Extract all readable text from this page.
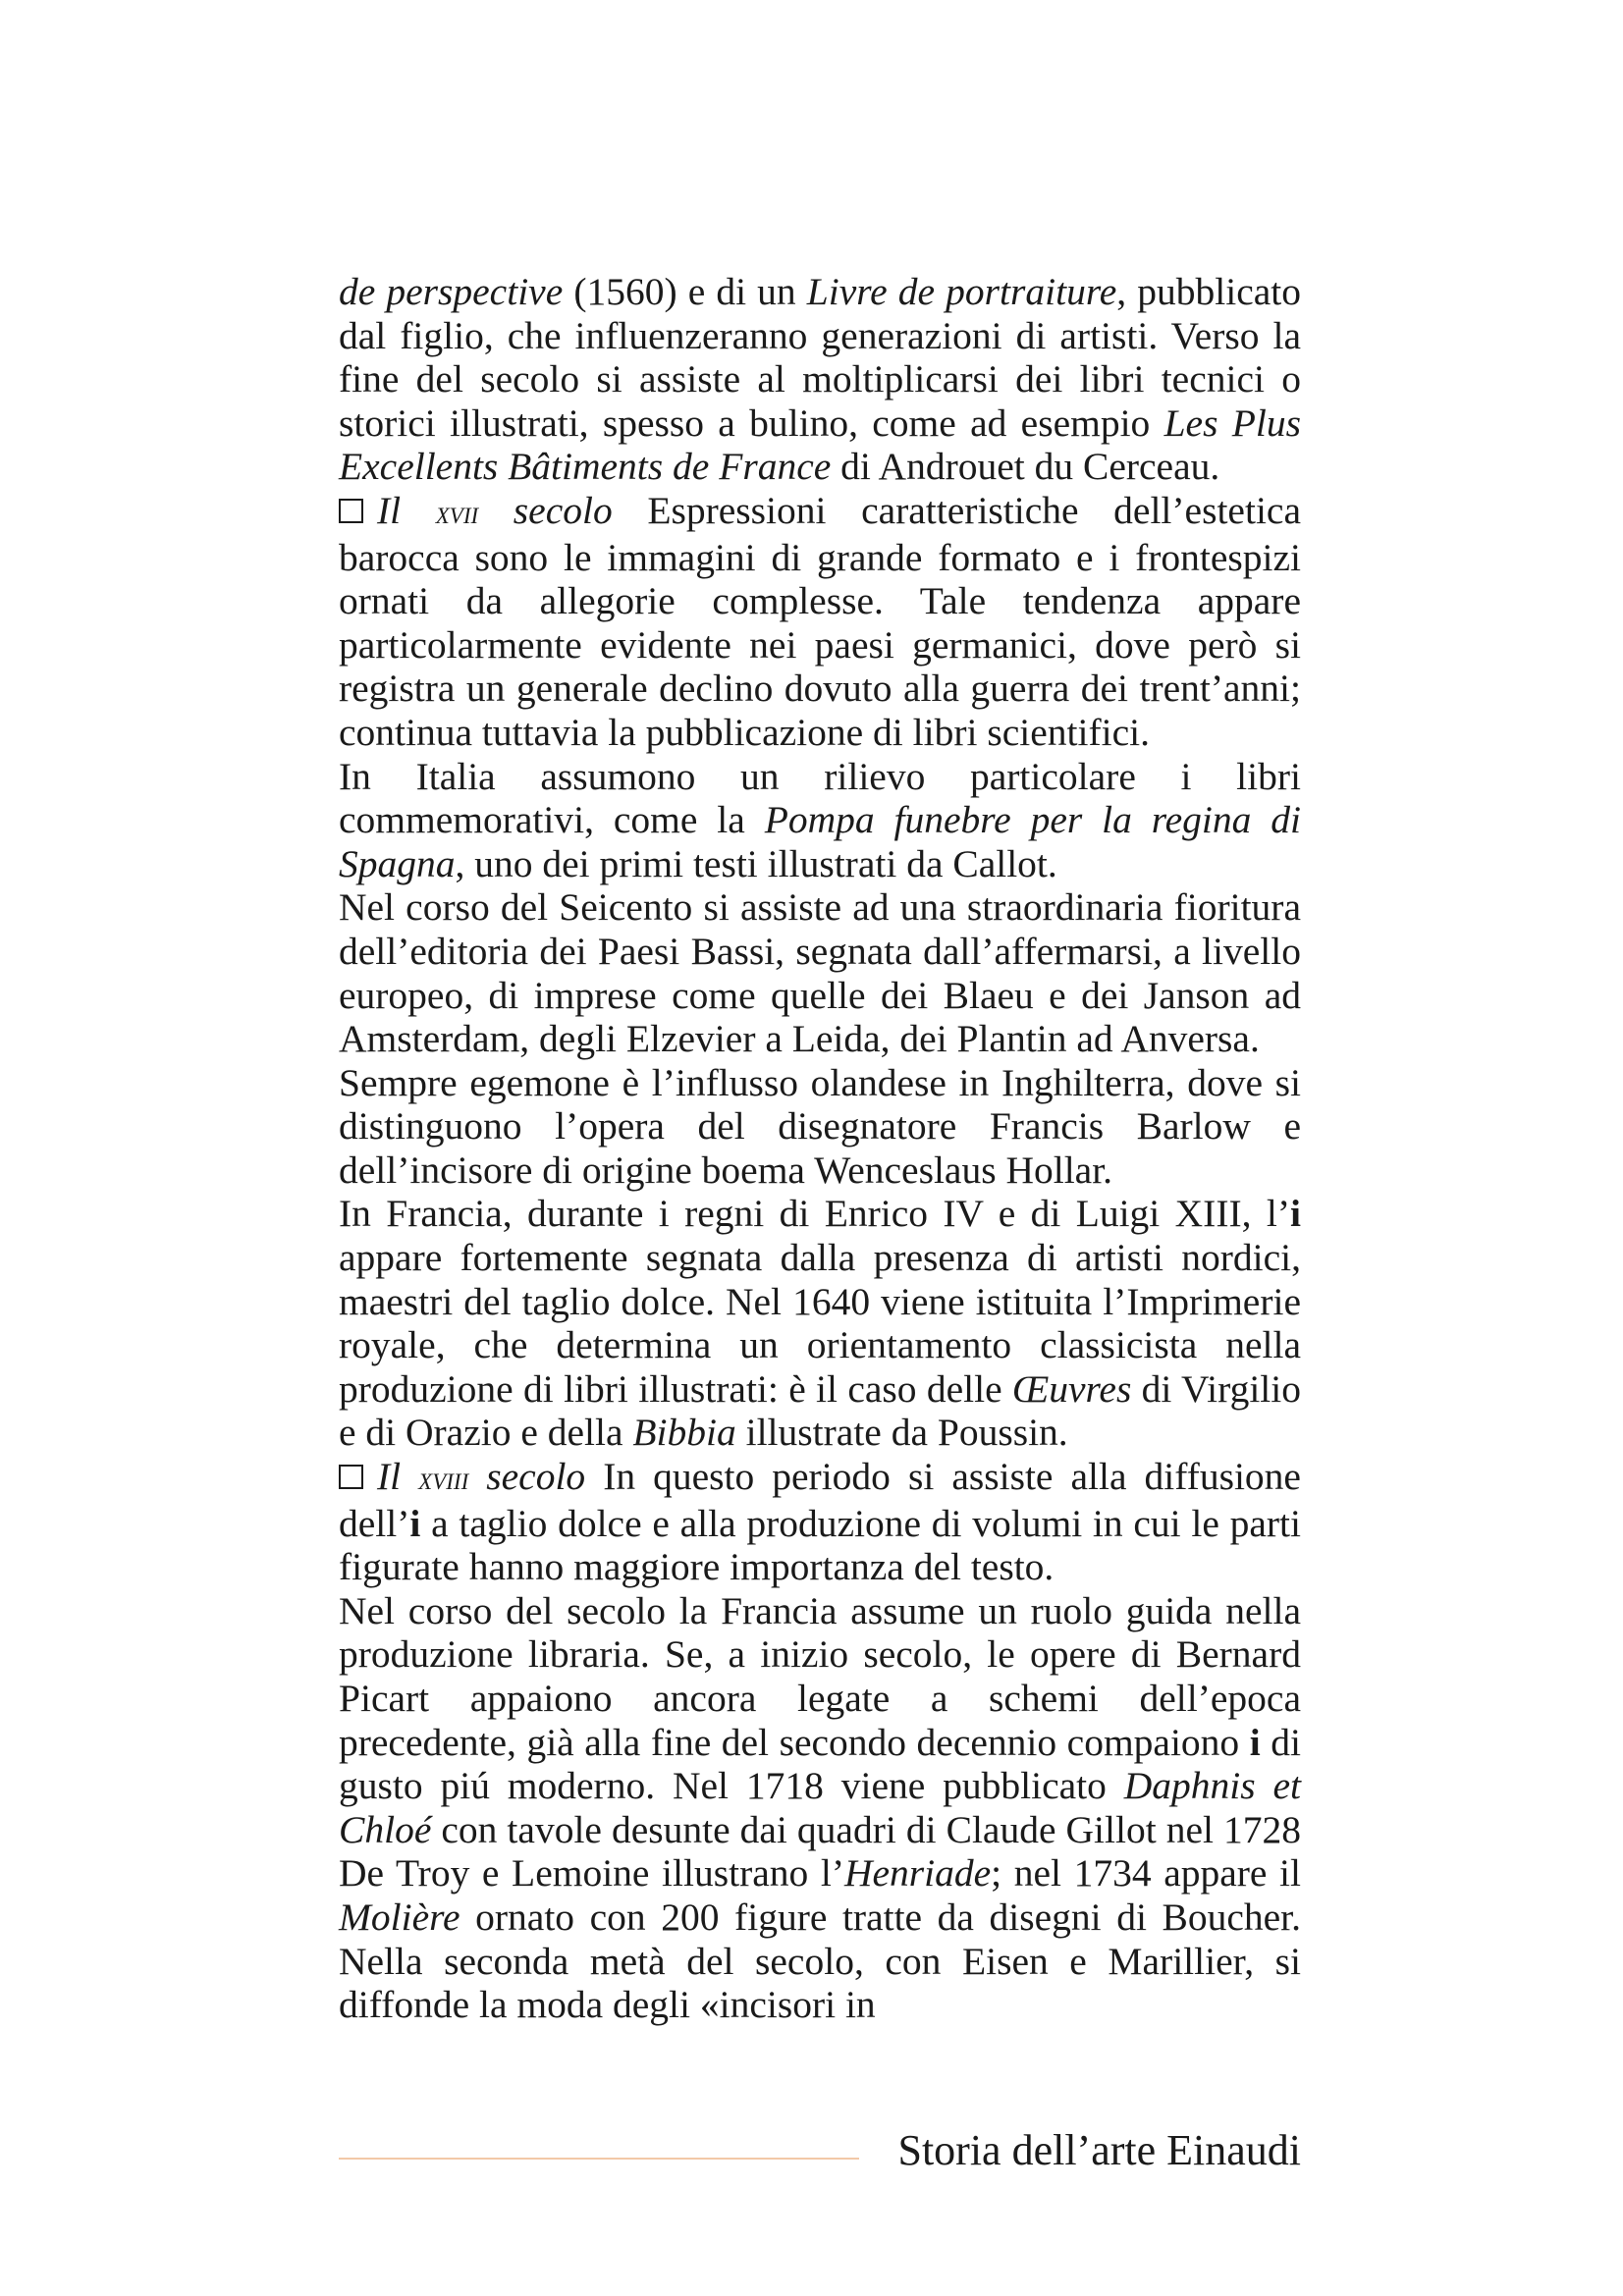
de perspective (1560) e di un Livre de portraiture, pubblicato dal figlio, che influenzeranno generazioni di artisti. Verso la fine del secolo si assiste al moltiplicarsi dei libri tecnici o storici illustrati, spesso a bulino, come ad esempio Les Plus Excellents Bâtiments de France di Androuet du Cerceau.

Il xvii secolo Espressioni caratteristiche dell’estetica barocca sono le immagini di grande formato e i frontespizi ornati da allegorie complesse. Tale tendenza appare particolarmente evidente nei paesi germanici, dove però si registra un generale declino dovuto alla guerra dei trent’anni; continua tuttavia la pubblicazione di libri scientifici.

In Italia assumono un rilievo particolare i libri commemorativi, come la Pompa funebre per la regina di Spagna, uno dei primi testi illustrati da Callot.

Nel corso del Seicento si assiste ad una straordinaria fioritura dell’editoria dei Paesi Bassi, segnata dall’affermarsi, a livello europeo, di imprese come quelle dei Blaeu e dei Janson ad Amsterdam, degli Elzevier a Leida, dei Plantin ad Anversa.

Sempre egemone è l’influsso olandese in Inghilterra, dove si distinguono l’opera del disegnatore Francis Barlow e dell’incisore di origine boema Wenceslaus Hollar.

In Francia, durante i regni di Enrico IV e di Luigi XIII, l’i appare fortemente segnata dalla presenza di artisti nordici, maestri del taglio dolce. Nel 1640 viene istituita l’Imprimerie royale, che determina un orientamento classicista nella produzione di libri illustrati: è il caso delle Œuvres di Virgilio e di Orazio e della Bibbia illustrate da Poussin.

Il xviii secolo In questo periodo si assiste alla diffusione dell’i a taglio dolce e alla produzione di volumi in cui le parti figurate hanno maggiore importanza del testo.

Nel corso del secolo la Francia assume un ruolo guida nella produzione libraria. Se, a inizio secolo, le opere di Bernard Picart appaiono ancora legate a schemi dell’epoca precedente, già alla fine del secondo decennio compaiono i di gusto piú moderno. Nel 1718 viene pubblicato Daphnis et Chloé con tavole desunte dai quadri di Claude Gillot nel 1728 De Troy e Lemoine illustrano l’Henriade; nel 1734 appare il Molière ornato con 200 figure tratte da disegni di Boucher. Nella seconda metà del secolo, con Eisen e Marillier, si diffonde la moda degli «incisori in

Storia dell’arte Einaudi
